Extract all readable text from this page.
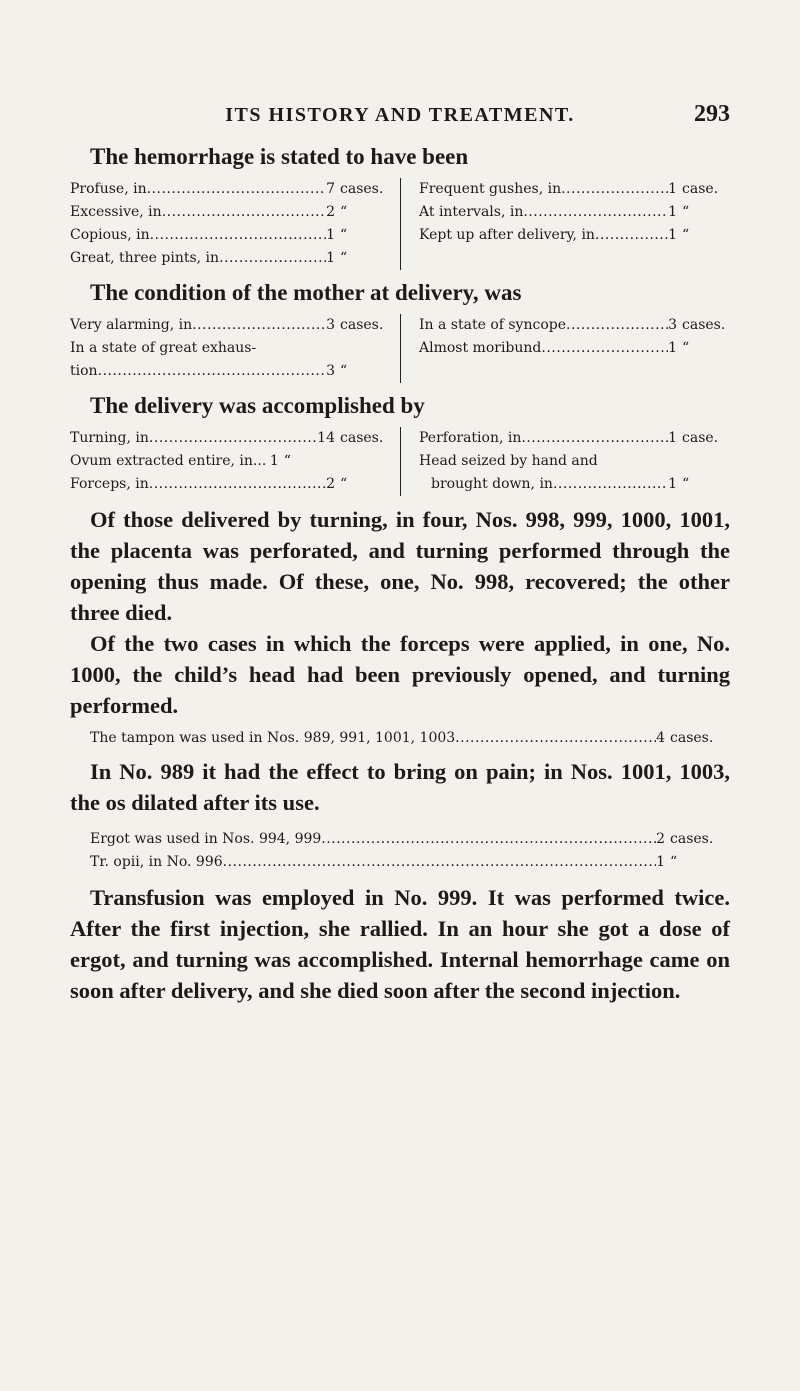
ITS HISTORY AND TREATMENT.	293

The hemorrhage is stated to have been

Profuse, in .....	7 cases.
Excessive, in .....	2 “
Copious, in .....	1 “
Great, three pints, in .....	1 “
Frequent gushes, in .....	1 case.
At intervals, in .....	1 “
Kept up after delivery, in .....	1 “

The condition of the mother at delivery, was

Very alarming, in .....	3 cases.
In a state of great exhaus-
tion .....	3 “
In a state of syncope .....	3 cases.
Almost moribund .....	1 “

The delivery was accomplished by

Turning, in .....	14 cases.
Ovum extracted entire, in.. ..... 1 “
Forceps, in .....	2 “
Perforation, in .....	1 case.
Head seized by hand and
brought down, in .....	1 “

Of those delivered by turning, in four, Nos. 998, 999, 1000, 1001, the placenta was perforated, and turning performed through the opening thus made. Of these, one, No. 998, recovered; the other three died.

Of the two cases in which the forceps were applied, in one, No. 1000, the child’s head had been previously opened, and turning performed.

The tampon was used in Nos. 989, 991, 1001, 1003 .....	4 cases.

In No. 989 it had the effect to bring on pain; in Nos. 1001, 1003, the os dilated after its use.

Ergot was used in Nos. 994, 999 .....	2 cases.
Tr. opii, in No. 996 .....	1 “

Transfusion was employed in No. 999. It was performed twice. After the first injection, she rallied. In an hour she got a dose of ergot, and turning was accomplished. Internal hemorrhage came on soon after delivery, and she died soon after the second injection.
